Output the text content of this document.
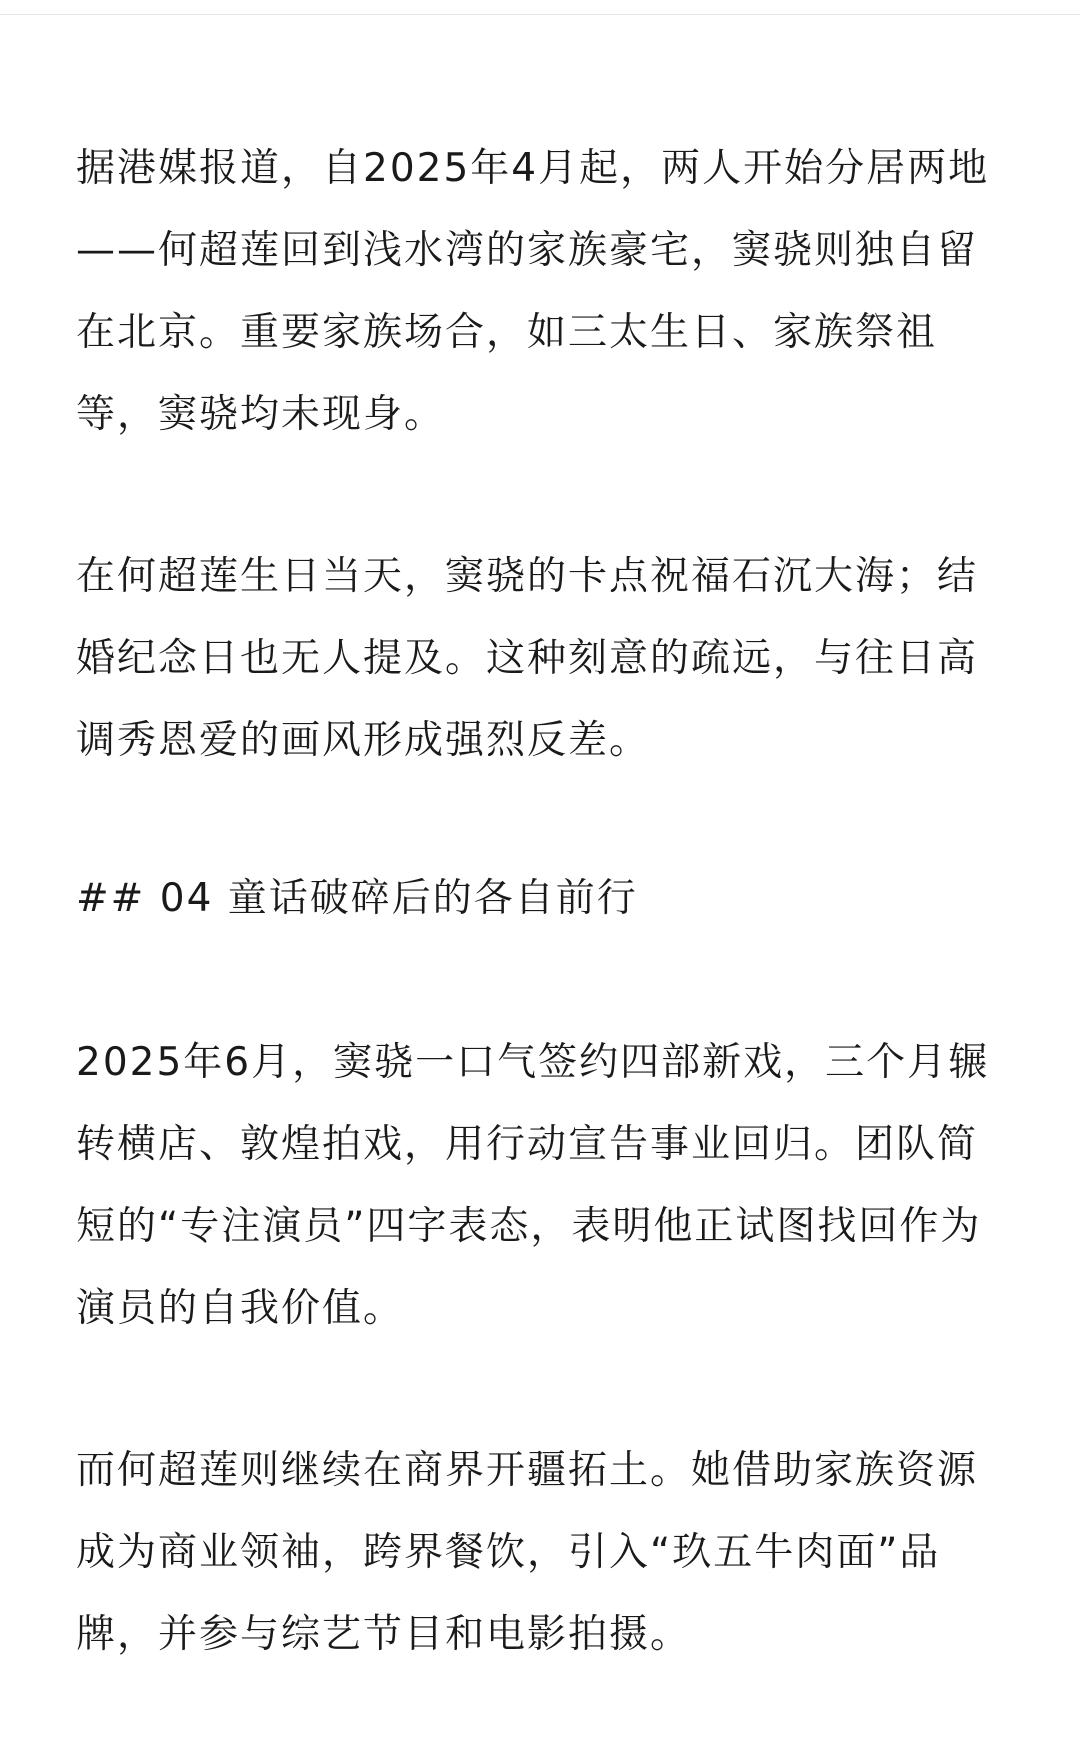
据港媒报道，自2025年4月起，两人开始分居两地——何超莲回到浅水湾的家族豪宅，窦骁则独自留在北京。重要家族场合，如三太生日、家族祭祖等，窦骁均未现身。

在何超莲生日当天，窦骁的卡点祝福石沉大海；结婚纪念日也无人提及。这种刻意的疏远，与往日高调秀恩爱的画风形成强烈反差。

## 04 童话破碎后的各自前行

2025年6月，窦骁一口气签约四部新戏，三个月辗转横店、敦煌拍戏，用行动宣告事业回归。团队简短的“专注演员”四字表态，表明他正试图找回作为演员的自我价值。

而何超莲则继续在商界开疆拓土。她借助家族资源成为商业领袖，跨界餐饮，引入“玖五牛肉面”品牌，并参与综艺节目和电影拍摄。
